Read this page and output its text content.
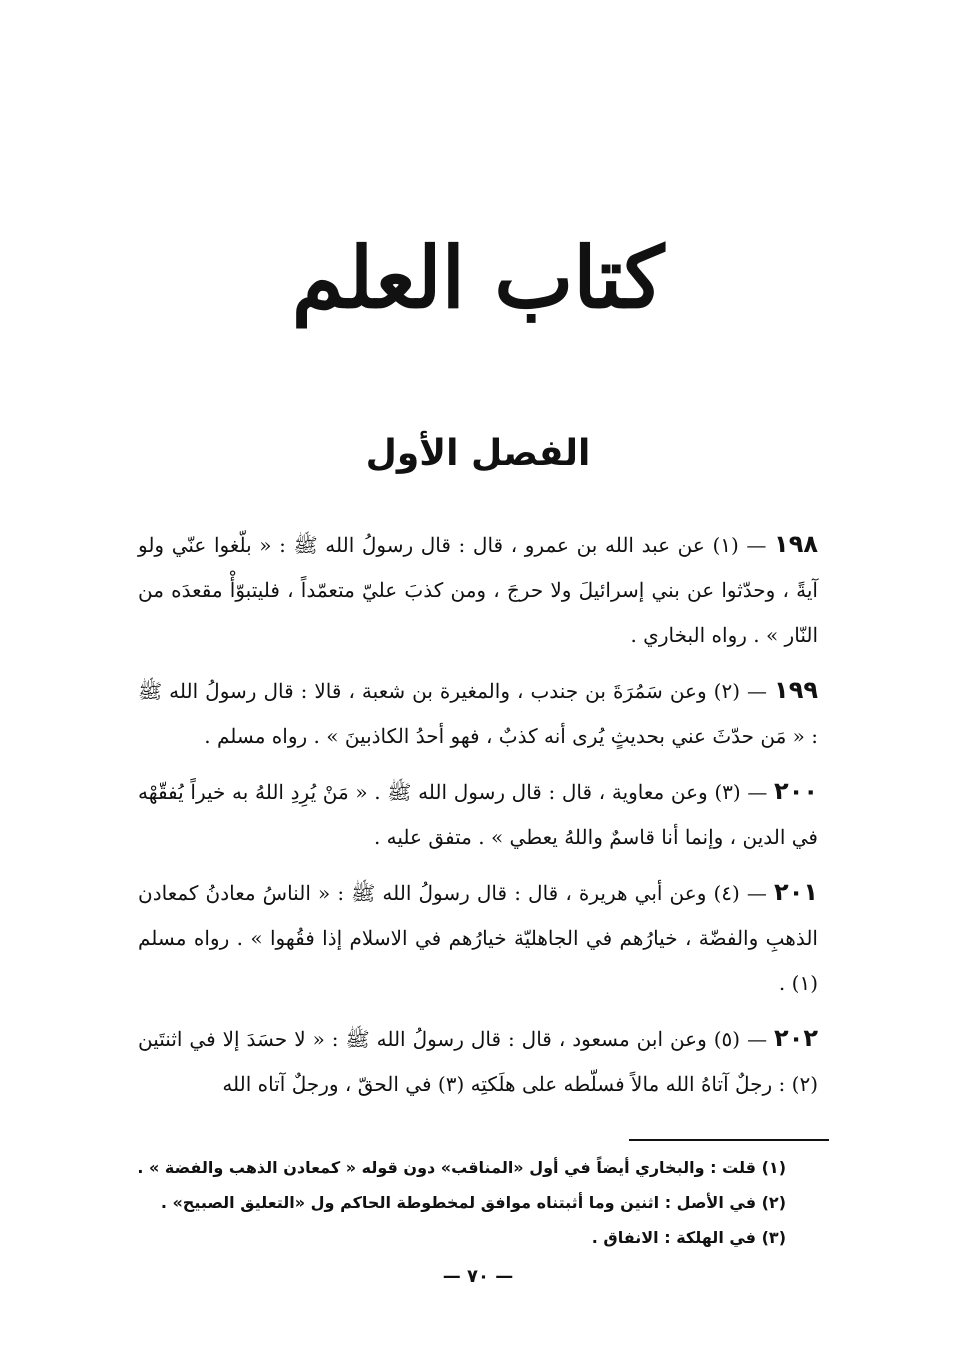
كتاب العلم
الفصل الأول

١٩٨ — (١) عن عبد الله بن عمرو ، قال : قال رسولُ الله ﷺ : « بلّغوا عنّي ولو آيةً ، وحدّثوا عن بني إسرائيلَ ولا حرجَ ، ومن كذبَ عليّ متعمّداً ، فليتبوّأْ مقعدَه من النّار » . رواه البخاري .

١٩٩ — (٢) وعن سَمُرَةَ بن جندب ، والمغيرة بن شعبة ، قالا : قال رسولُ الله ﷺ : « مَن حدّثَ عني بحديثٍ يُرى أنه كذبٌ ، فهو أحدُ الكاذبينَ » . رواه مسلم .

٢٠٠ — (٣) وعن معاوية ، قال : قال رسول الله ﷺ . « مَنْ يُرِدِ اللهُ به خيراً يُفقّهْه في الدين ، وإنما أنا قاسمٌ واللهُ يعطي » . متفق عليه .

٢٠١ — (٤) وعن أبي هريرة ، قال : قال رسولُ الله ﷺ : « الناسُ معادنُ كمعادن الذهبِ والفضّة ، خيارُهم في الجاهليّة خيارُهم في الاسلام إذا فقُهوا » . رواه مسلم (١) .

٢٠٢ — (٥) وعن ابن مسعود ، قال : قال رسولُ الله ﷺ : « لا حسَدَ إلا في اثنتَين (٢) : رجلٌ آتاهُ الله مالاً فسلّطه على هلَكتِه (٣) في الحقّ ، ورجلٌ آتاه الله

(١) قلت : والبخاري أيضاً في أول «المناقب» دون قوله « كمعادن الذهب والفضة » .

(٢) في الأصل : اثنين وما أثبتناه موافق لمخطوطة الحاكم ول «التعليق الصبيح» .

(٣) في الهلكة : الانفاق .

— ٧٠ —
